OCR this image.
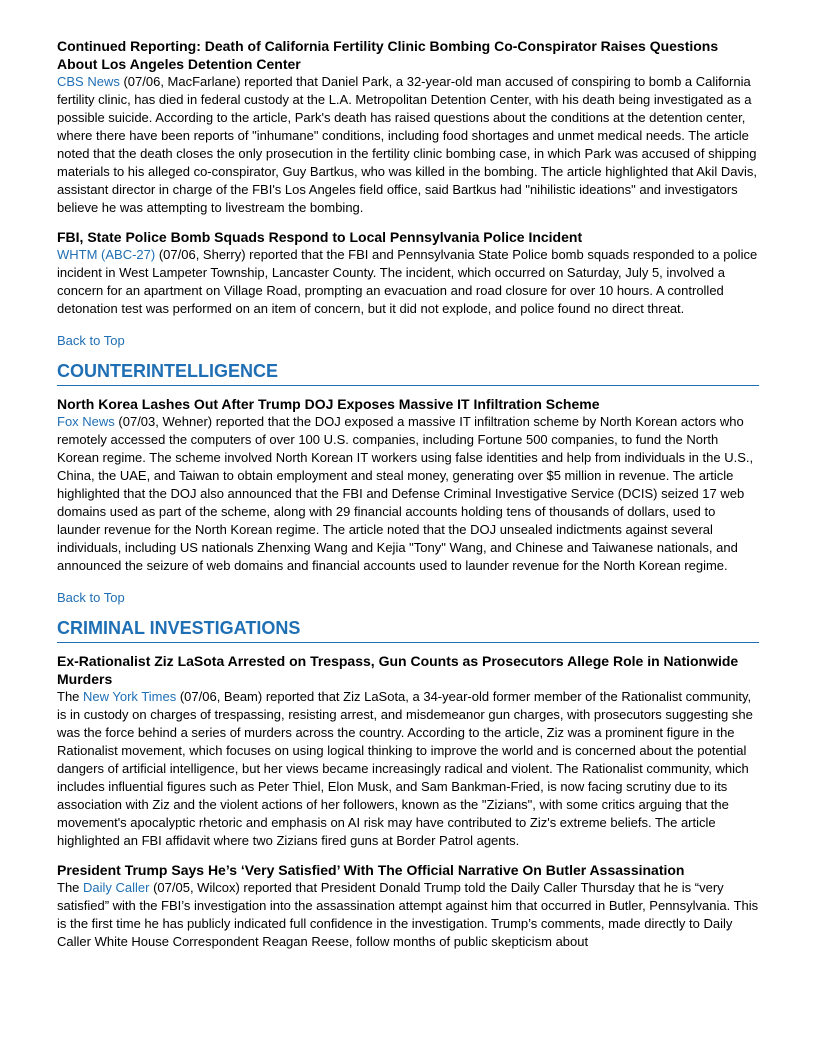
Continued Reporting: Death of California Fertility Clinic Bombing Co-Conspirator Raises Questions About Los Angeles Detention Center

CBS News (07/06, MacFarlane) reported that Daniel Park, a 32-year-old man accused of conspiring to bomb a California fertility clinic, has died in federal custody at the L.A. Metropolitan Detention Center, with his death being investigated as a possible suicide. According to the article, Park's death has raised questions about the conditions at the detention center, where there have been reports of "inhumane" conditions, including food shortages and unmet medical needs. The article noted that the death closes the only prosecution in the fertility clinic bombing case, in which Park was accused of shipping materials to his alleged co-conspirator, Guy Bartkus, who was killed in the bombing. The article highlighted that Akil Davis, assistant director in charge of the FBI's Los Angeles field office, said Bartkus had "nihilistic ideations" and investigators believe he was attempting to livestream the bombing.

FBI, State Police Bomb Squads Respond to Local Pennsylvania Police Incident

WHTM (ABC-27) (07/06, Sherry) reported that the FBI and Pennsylvania State Police bomb squads responded to a police incident in West Lampeter Township, Lancaster County. The incident, which occurred on Saturday, July 5, involved a concern for an apartment on Village Road, prompting an evacuation and road closure for over 10 hours. A controlled detonation test was performed on an item of concern, but it did not explode, and police found no direct threat.

Back to Top
COUNTERINTELLIGENCE

North Korea Lashes Out After Trump DOJ Exposes Massive IT Infiltration Scheme

Fox News (07/03, Wehner) reported that the DOJ exposed a massive IT infiltration scheme by North Korean actors who remotely accessed the computers of over 100 U.S. companies, including Fortune 500 companies, to fund the North Korean regime. The scheme involved North Korean IT workers using false identities and help from individuals in the U.S., China, the UAE, and Taiwan to obtain employment and steal money, generating over $5 million in revenue. The article highlighted that the DOJ also announced that the FBI and Defense Criminal Investigative Service (DCIS) seized 17 web domains used as part of the scheme, along with 29 financial accounts holding tens of thousands of dollars, used to launder revenue for the North Korean regime. The article noted that the DOJ unsealed indictments against several individuals, including US nationals Zhenxing Wang and Kejia "Tony" Wang, and Chinese and Taiwanese nationals, and announced the seizure of web domains and financial accounts used to launder revenue for the North Korean regime.

Back to Top
CRIMINAL INVESTIGATIONS

Ex-Rationalist Ziz LaSota Arrested on Trespass, Gun Counts as Prosecutors Allege Role in Nationwide Murders

The New York Times (07/06, Beam) reported that Ziz LaSota, a 34-year-old former member of the Rationalist community, is in custody on charges of trespassing, resisting arrest, and misdemeanor gun charges, with prosecutors suggesting she was the force behind a series of murders across the country. According to the article, Ziz was a prominent figure in the Rationalist movement, which focuses on using logical thinking to improve the world and is concerned about the potential dangers of artificial intelligence, but her views became increasingly radical and violent. The Rationalist community, which includes influential figures such as Peter Thiel, Elon Musk, and Sam Bankman-Fried, is now facing scrutiny due to its association with Ziz and the violent actions of her followers, known as the "Zizians", with some critics arguing that the movement's apocalyptic rhetoric and emphasis on AI risk may have contributed to Ziz's extreme beliefs. The article highlighted an FBI affidavit where two Zizians fired guns at Border Patrol agents.

President Trump Says He’s ‘Very Satisfied’ With The Official Narrative On Butler Assassination

The Daily Caller (07/05, Wilcox) reported that President Donald Trump told the Daily Caller Thursday that he is “very satisfied” with the FBI’s investigation into the assassination attempt against him that occurred in Butler, Pennsylvania. This is the first time he has publicly indicated full confidence in the investigation. Trump’s comments, made directly to Daily Caller White House Correspondent Reagan Reese, follow months of public skepticism about
